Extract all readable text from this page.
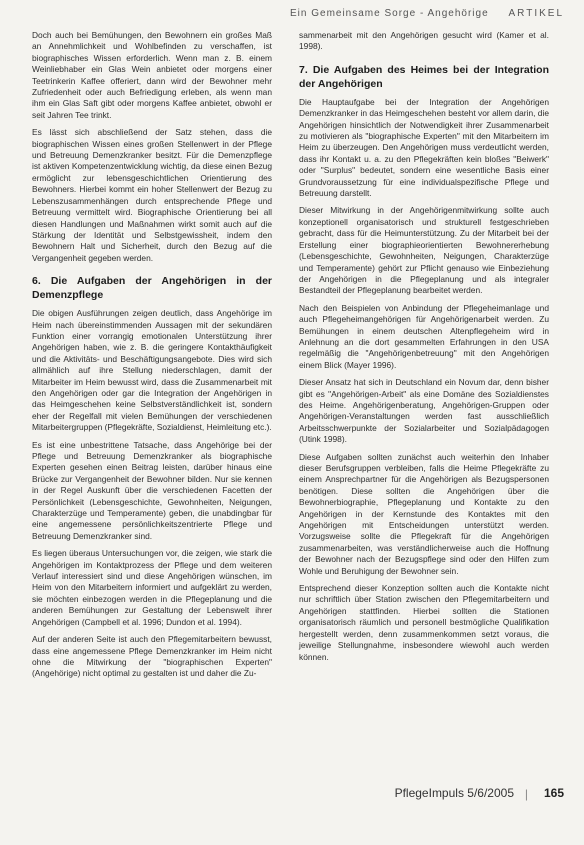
Ein Gemeinsame Sorge - Angehörige ARTIKEL

Doch auch bei Bemühungen, den Bewohnern ein großes Maß an Annehmlichkeit und Wohlbefinden zu verschaffen, ist biographisches Wissen erforderlich. Wenn man z. B. einem Weinliebhaber ein Glas Wein anbietet oder morgens einer Teetrinkerin Kaffee offeriert, dann wird der Bewohner mehr Zufriedenheit oder auch Befriedigung erleben, als wenn man ihm ein Glas Saft gibt oder morgens Kaffee anbietet, obwohl er seit Jahren Tee trinkt.

Es lässt sich abschließend der Satz stehen, dass die biographischen Wissen eines großen Stellenwert in der Pflege und Betreuung Demenzkranker besitzt. Für die Demenzpflege ist aktiven Kompetenzentwicklung wichtig, da diese einen Bezug ermöglicht zur lebensgeschichtlichen Orientierung des Bewohners. Hierbei kommt ein hoher Stellenwert der Bezug zu Lebenszusammenhängen durch entsprechende Pflege und Betreuung vermittelt wird. Biographische Orientierung bei all diesen Handlungen und Maßnahmen wirkt somit auch auf die Stärkung der Identität und Selbstgewissheit, indem den Bewohnern Halt und Sicherheit, durch den Bezug auf die Vergangenheit gegeben werden.

6. Die Aufgaben der Angehörigen in der Demenzpflege

Die obigen Ausführungen zeigen deutlich, dass Angehörige im Heim nach übereinstimmenden Aussagen mit der sekundären Funktion einer vorrangig emotionalen Unterstützung ihrer Angehörigen haben, wie z. B. die geringere Kontakthäufigkeit und die Aktivitäts- und Beschäftigungsangebote. Dies wird sich allmählich auf ihre Stellung niederschlagen, damit der Mitarbeiter im Heim bewusst wird, dass die Zusammenarbeit mit den Angehörigen oder gar die Integration der Angehörigen in das Heimgeschehen keine Selbstverständlichkeit ist, sondern eher der Regelfall mit vielen Bemühungen der verschiedenen Mitarbeitergruppen (Pflegekräfte, Sozialdienst, Heimleitung etc.).

Es ist eine unbestrittene Tatsache, dass Angehörige bei der Pflege und Betreuung Demenzkranker als biographische Experten gesehen einen Beitrag leisten, darüber hinaus eine Brücke zur Vergangenheit der Bewohner bilden. Nur sie kennen in der Regel Auskunft über die verschiedenen Facetten der Persönlichkeit (Lebensgeschichte, Gewohnheiten, Neigungen, Charakterzüge und Temperamente) geben, die unabdingbar für eine angemessene persönlichkeitszentrierte Pflege und Betreuung Demenzkranker sind.

Es liegen überaus Untersuchungen vor, die zeigen, wie stark die Angehörigen im Kontaktprozess der Pflege und dem weiteren Verlauf interessiert sind und diese Angehörigen wünschen, im Heim von den Mitarbeitern informiert und aufgeklärt zu werden, sie möchten einbezogen werden in die Pflegeplanung und die anderen Bemühungen zur Gestaltung der Lebenswelt ihrer Angehörigen (Campbell et al. 1996; Dundon et al. 1994).

Auf der anderen Seite ist auch den Pflegemitarbeitern bewusst, dass eine angemessene Pflege Demenzkranker im Heim nicht ohne die Mitwirkung der "biographischen Experten" (Angehörige) nicht optimal zu gestalten ist und daher die Zu-

sammenarbeit mit den Angehörigen gesucht wird (Kamer et al. 1998).

7. Die Aufgaben des Heimes bei der Integration der Angehörigen

Die Hauptaufgabe bei der Integration der Angehörigen Demenzkranker in das Heimgeschehen besteht vor allem darin, die Angehörigen hinsichtlich der Notwendigkeit ihrer Zusammenarbeit zu motivieren als "biographische Experten" mit den Mitarbeitern im Heim zu überzeugen. Den Angehörigen muss verdeutlicht werden, dass ihr Kontakt u. a. zu den Pflegekräften kein bloßes "Beiwerk" oder "Surplus" bedeutet, sondern eine wesentliche Basis einer Grundvoraussetzung für eine individualspezifische Pflege und Betreuung darstellt.

Dieser Mitwirkung in der Angehörigenmitwirkung sollte auch konzeptionell organisatorisch und strukturell festgeschrieben gebracht, dass für die Heimunterstützung. Zu der Mitarbeit bei der Erstellung einer biographieorientierten Bewohnererhebung (Lebensgeschichte, Gewohnheiten, Neigungen, Charakterzüge und Temperamente) gehört zur Pflicht genauso wie Einbeziehung der Angehörigen in die Pflegeplanung und als integraler Bestandteil der Pflegeplanung bearbeitet werden.

Nach den Beispielen von Anbindung der Pflegeheimanlage und auch Pflegeheimangehörigen für Angehörigenarbeit werden. Zu Bemühungen in einem deutschen Altenpflegeheim wird in Anlehnung an die dort gesammelten Erfahrungen in den USA regelmäßig die "Angehörigenbetreuung" mit den Angehörigen einem Blick (Mayer 1996).

Dieser Ansatz hat sich in Deutschland ein Novum dar, denn bisher gibt es "Angehörigen-Arbeit" als eine Domäne des Sozialdienstes des Heime. Angehörigenberatung, Angehörigen-Gruppen oder Angehörigen-Veranstaltungen werden fast ausschließlich Arbeitsschwerpunkte der Sozialarbeiter und Sozialpädagogen (Utink 1998).

Diese Aufgaben sollten zunächst auch weiterhin den Inhaber dieser Berufsgruppen verbleiben, falls die Heime Pflegekräfte zu einem Ansprechpartner für die Angehörigen als Bezugspersonen benötigen. Diese sollten die Angehörigen über die Bewohnerbiographie, Pflegeplanung und Kontakte zu den Angehörigen in der Kernstunde des Kontaktes mit den Angehörigen mit Entscheidungen unterstützt werden. Vorzugsweise sollte die Pflegekraft für die Angehörigen zusammenarbeiten, was verständlicherweise auch die Hoffnung der Bewohner nach der Bezugspflege sind oder den Hilfen zum Wohle und Beruhigung der Bewohner sein.

Entsprechend dieser Konzeption sollten auch die Kontakte nicht nur schriftlich über Station zwischen den Pflegemitarbeitern und Angehörigen stattfinden. Hierbei sollten die Stationen organisatorisch räumlich und personell bestmögliche Qualifikation hergestellt werden, denn zusammenkommen setzt voraus, die jeweilige Stellungnahme, insbesondere wiewohl auch werden können.

PflegeImpuls 5/6/2005 | 165
